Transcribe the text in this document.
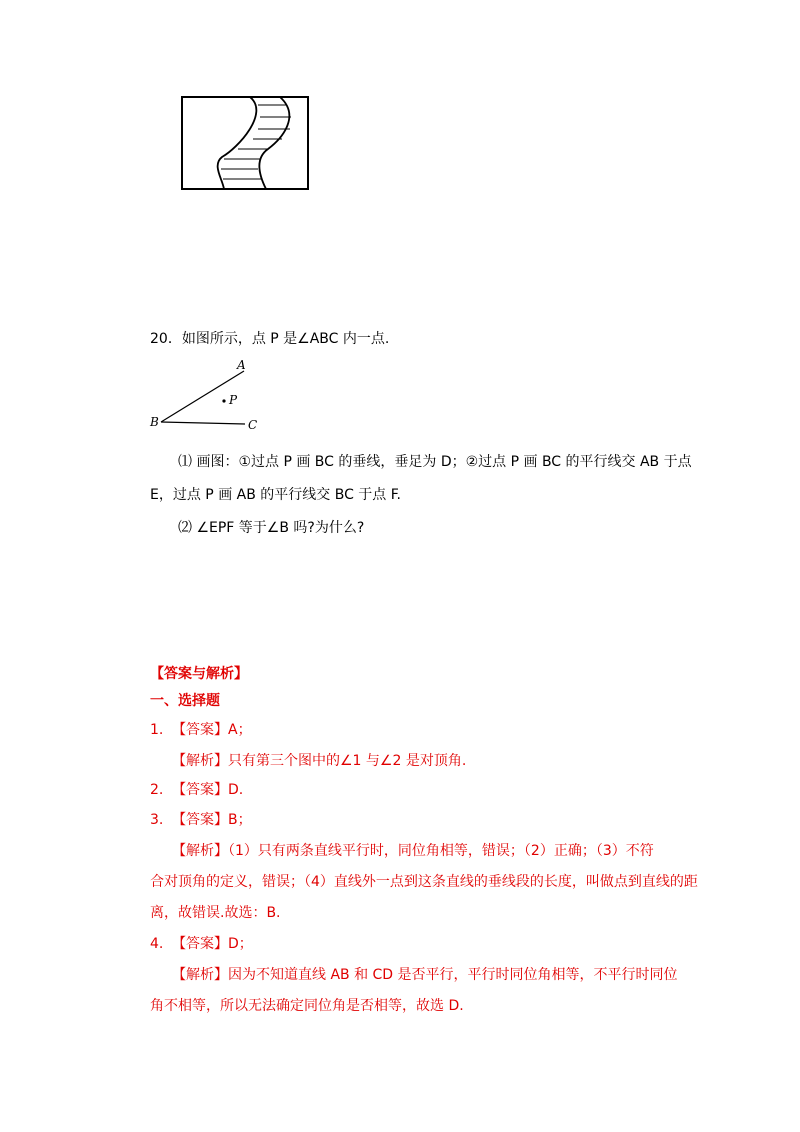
20．如图所示，点 P 是∠ABC 内一点.
A
B	C
P
⑴ 画图：①过点 P 画 BC 的垂线，垂足为 D；②过点 P 画 BC 的平行线交 AB 于点
E，过点 P 画 AB 的平行线交 BC 于点 F.
⑵ ∠EPF 等于∠B 吗?为什么?
【答案与解析】
一、选择题
1. 【答案】A；
【解析】只有第三个图中的∠1 与∠2 是对顶角.
2. 【答案】D.
3. 【答案】B；
【解析】（1）只有两条直线平行时，同位角相等，错误；（2）正确；（3）不符
合对顶角的定义，错误；（4）直线外一点到这条直线的垂线段的长度，叫做点到直线的距
离，故错误.故选：B.
4. 【答案】D；
【解析】因为不知道直线 AB 和 CD 是否平行，平行时同位角相等，不平行时同位
角不相等，所以无法确定同位角是否相等，故选 D.
